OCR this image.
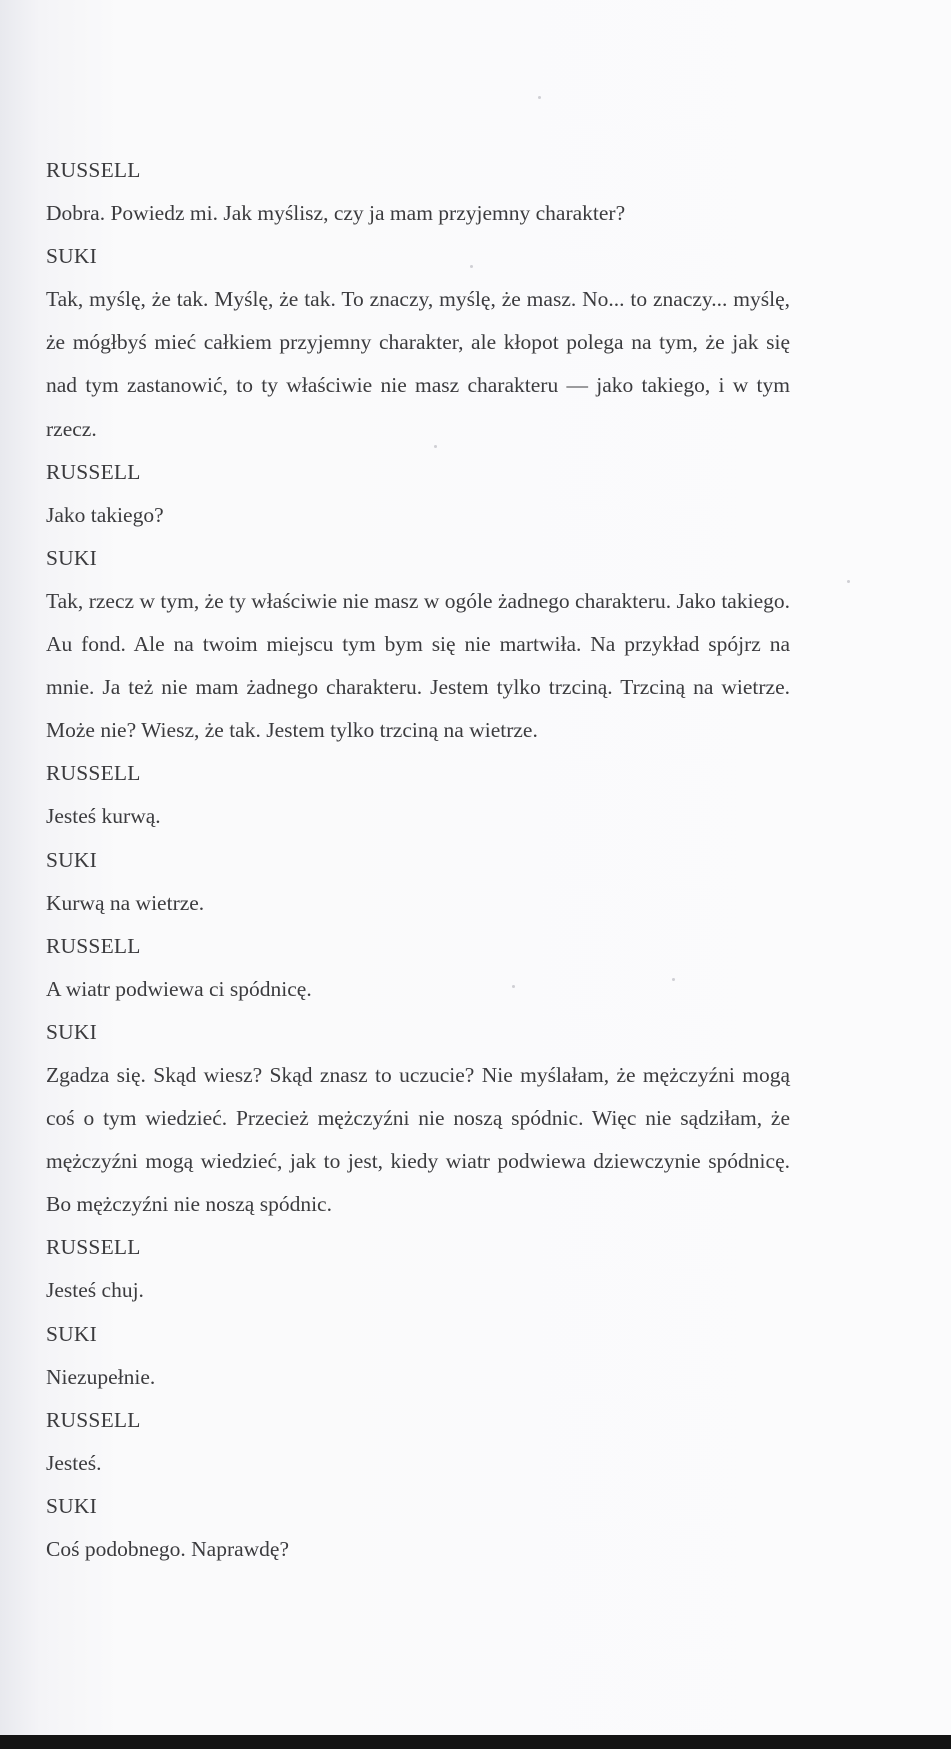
RUSSELL

Dobra. Powiedz mi. Jak myślisz, czy ja mam przyjemny charakter?

SUKI

Tak, myślę, że tak. Myślę, że tak. To znaczy, myślę, że masz. No... to znaczy... myślę, że mógłbyś mieć całkiem przyjemny charakter, ale kłopot polega na tym, że jak się nad tym zastanowić, to ty właściwie nie masz charakteru — jako takiego, i w tym rzecz.

RUSSELL

Jako takiego?

SUKI

Tak, rzecz w tym, że ty właściwie nie masz w ogóle żadnego charakteru. Jako takiego. Au fond. Ale na twoim miejscu tym bym się nie martwiła. Na przykład spójrz na mnie. Ja też nie mam żadnego charakteru. Jestem tylko trzciną. Trzciną na wietrze. Może nie? Wiesz, że tak. Jestem tylko trzciną na wietrze.

RUSSELL

Jesteś kurwą.

SUKI

Kurwą na wietrze.

RUSSELL

A wiatr podwiewa ci spódnicę.

SUKI

Zgadza się. Skąd wiesz? Skąd znasz to uczucie? Nie myślałam, że mężczyźni mogą coś o tym wiedzieć. Przecież mężczyźni nie noszą spódnic. Więc nie sądziłam, że mężczyźni mogą wiedzieć, jak to jest, kiedy wiatr podwiewa dziewczynie spódnicę. Bo mężczyźni nie noszą spódnic.

RUSSELL

Jesteś chuj.

SUKI

Niezupełnie.

RUSSELL

Jesteś.

SUKI

Coś podobnego. Naprawdę?
